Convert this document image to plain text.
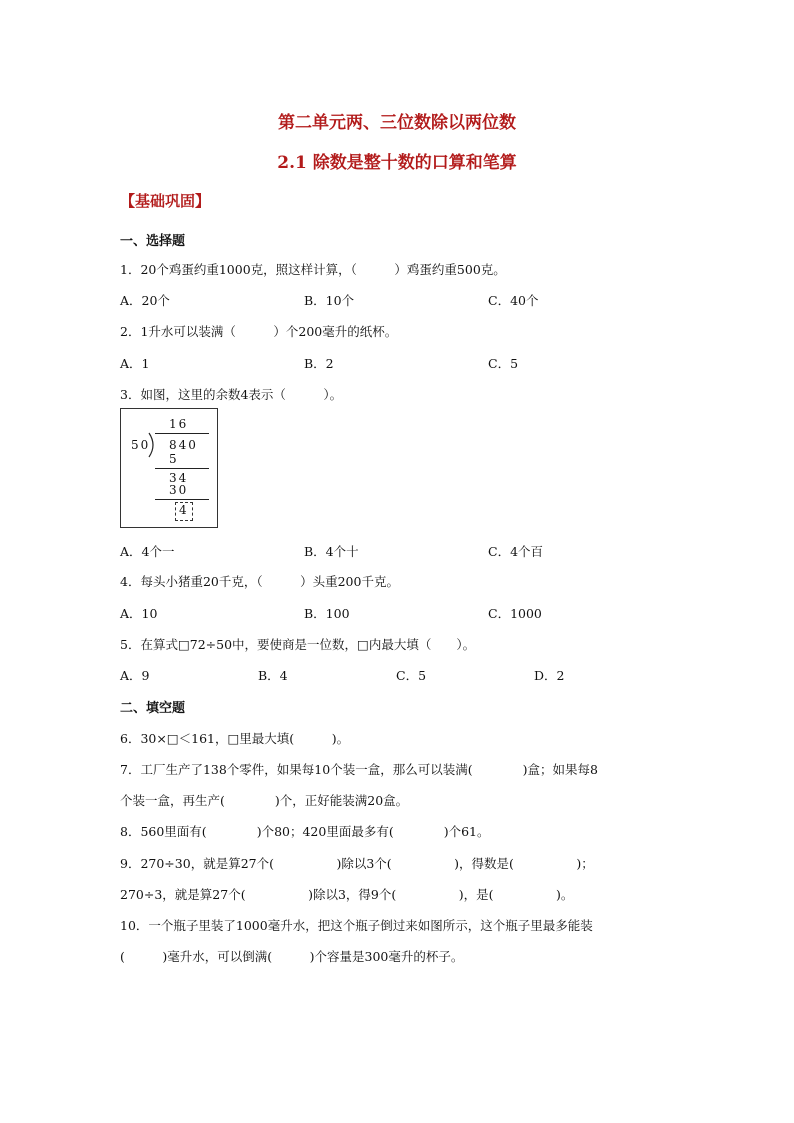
第二单元两、三位数除以两位数
2.1 除数是整十数的口算和笔算
【基础巩固】
一、选择题
1．20个鸡蛋约重1000克，照这样计算，（　　　）鸡蛋约重500克。
A．20个	B．10个	C．40个
2．1升水可以装满（　　　）个200毫升的纸杯。
A．1	B．2	C．5
3．如图，这里的余数4表示（　　　）。
16
50 840
5
34
30
4
A．4个一	B．4个十	C．4个百
4．每头小猪重20千克，（　　　）头重200千克。
A．10	B．100	C．1000
5．在算式□72÷50中，要使商是一位数，□内最大填（　　）。
A．9	B．4	C．5	D．2
二、填空题
6．30×□＜161，□里最大填(　　　)。
7．工厂生产了138个零件，如果每10个装一盒，那么可以装满(　　　　)盒；如果每8
个装一盒，再生产(　　　　)个，正好能装满20盒。
8．560里面有(　　　　)个80；420里面最多有(　　　　)个61。
9．270÷30，就是算27个(　　　　　)除以3个(　　　　　)，得数是(　　　　　)；
270÷3，就是算27个(　　　　　)除以3，得9个(　　　　　)，是(　　　　　)。
10．一个瓶子里装了1000毫升水，把这个瓶子倒过来如图所示，这个瓶子里最多能装
(　　　)毫升水，可以倒满(　　　)个容量是300毫升的杯子。
